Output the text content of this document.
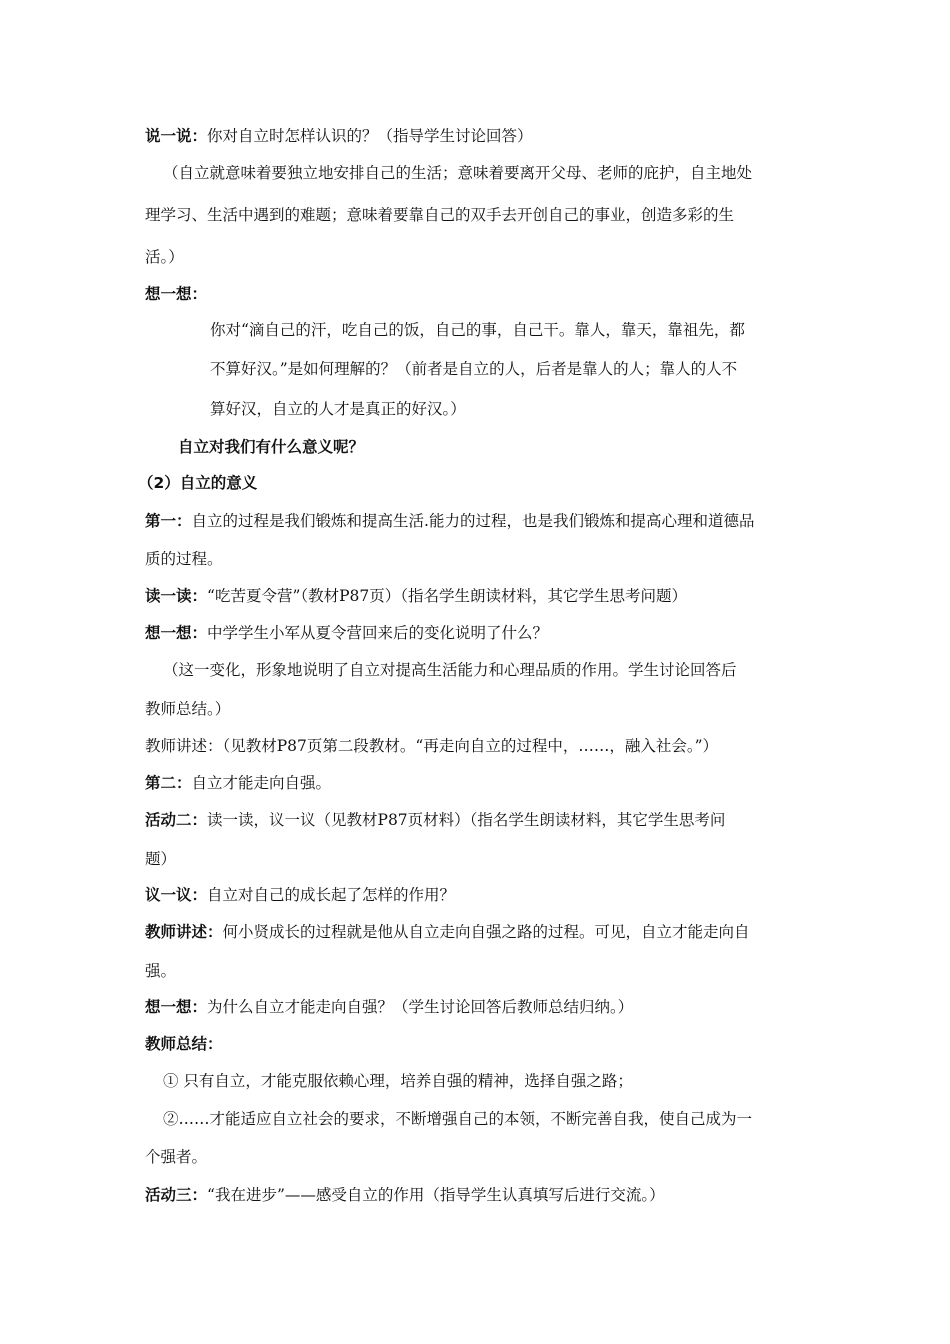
说一说：你对自立时怎样认识的？（指导学生讨论回答）
（自立就意味着要独立地安排自己的生活；意味着要离开父母、老师的庇护，自主地处
理学习、生活中遇到的难题；意味着要靠自己的双手去开创自己的事业，创造多彩的生
活。）
想一想：
你对“滴自己的汗，吃自己的饭，自己的事，自己干。靠人，靠天，靠祖先，都
不算好汉。”是如何理解的？（前者是自立的人，后者是靠人的人；靠人的人不
算好汉，自立的人才是真正的好汉。）
自立对我们有什么意义呢？
（2）自立的意义
第一：自立的过程是我们锻炼和提高生活.能力的过程，也是我们锻炼和提高心理和道德品
质的过程。
读一读：“吃苦夏令营”（教材P87页）（指名学生朗读材料，其它学生思考问题）
想一想：中学学生小军从夏令营回来后的变化说明了什么？
（这一变化，形象地说明了自立对提高生活能力和心理品质的作用。学生讨论回答后
教师总结。）
教师讲述：（见教材P87页第二段教材。“再走向自立的过程中，……，融入社会。”）
第二：自立才能走向自强。
活动二：读一读，议一议（见教材P87页材料）（指名学生朗读材料，其它学生思考问
题）
议一议：自立对自己的成长起了怎样的作用？
教师讲述：何小贤成长的过程就是他从自立走向自强之路的过程。可见，自立才能走向自
强。
想一想：为什么自立才能走向自强？（学生讨论回答后教师总结归纳。）
教师总结：
① 只有自立，才能克服依赖心理，培养自强的精神，选择自强之路；
②……才能适应自立社会的要求，不断增强自己的本领，不断完善自我，使自己成为一
个强者。
活动三：“我在进步”——感受自立的作用（指导学生认真填写后进行交流。）
